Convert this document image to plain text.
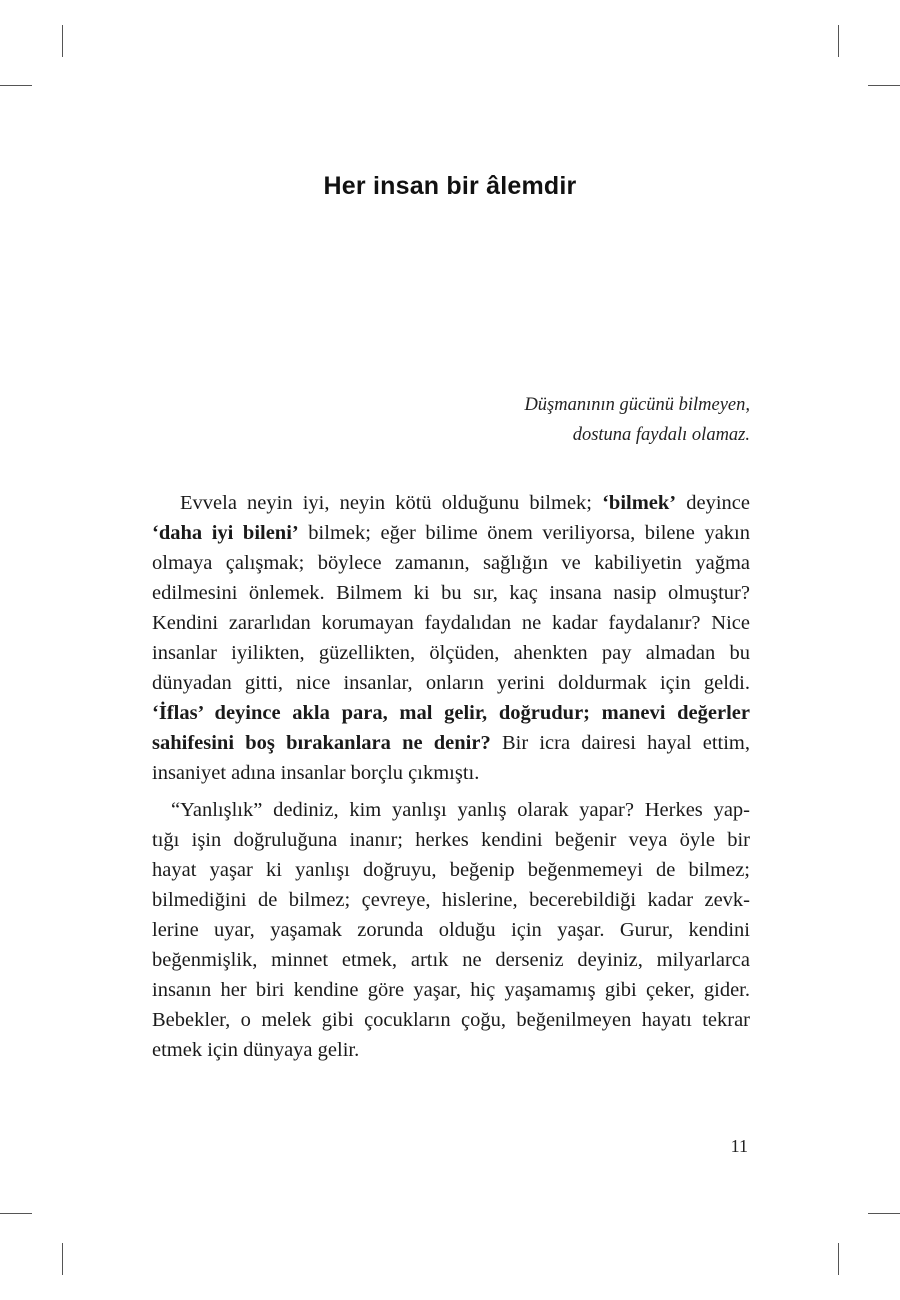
Her insan bir âlemdir
Düşmanının gücünü bilmeyen,
dostuna faydalı olamaz.
Evvela neyin iyi, neyin kötü olduğunu bilmek; ‘bilmek’ deyince
‘daha iyi bileni’ bilmek; eğer bilime önem veriliyorsa, bilene yakın
olmaya çalışmak; böylece zamanın, sağlığın ve kabiliyetin yağma
edilmesini önlemek. Bilmem ki bu sır, kaç insana nasip olmuştur?
Kendini zararlıdan korumayan faydalıdan ne kadar faydalanır? Nice
insanlar iyilikten, güzellikten, ölçüden, ahenkten pay almadan bu
dünyadan gitti, nice insanlar, onların yerini doldurmak için geldi.
‘İflas’ deyince akla para, mal gelir, doğrudur; manevi değerler
sahifesini boş bırakanlara ne denir? Bir icra dairesi hayal ettim,
insaniyet adına insanlar borçlu çıkmıştı.
“Yanlışlık” dediniz, kim yanlışı yanlış olarak yapar? Herkes yap-
tığı işin doğruluğuna inanır; herkes kendini beğenir veya öyle bir
hayat yaşar ki yanlışı doğruyu, beğenip beğenmemeyi de bilmez;
bilmediğini de bilmez; çevreye, hislerine, becerebildiği kadar zevk-
lerine uyar, yaşamak zorunda olduğu için yaşar. Gurur, kendini
beğenmişlik, minnet etmek, artık ne derseniz deyiniz, milyarlarca
insanın her biri kendine göre yaşar, hiç yaşamamış gibi çeker, gider.
Bebekler, o melek gibi çocukların çoğu, beğenilmeyen hayatı tekrar
etmek için dünyaya gelir.
11
